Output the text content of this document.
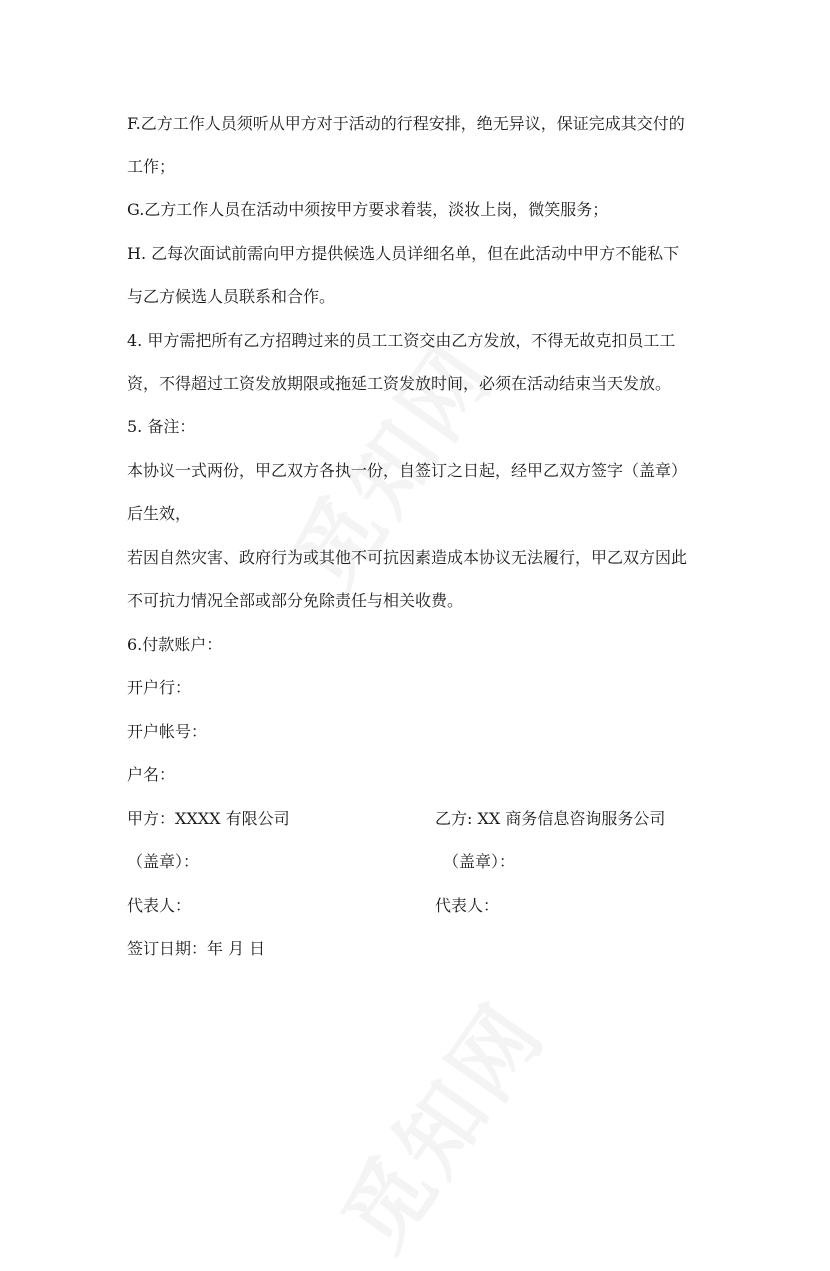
F.乙方工作人员须听从甲方对于活动的行程安排，绝无异议，保证完成其交付的
工作；
G.乙方工作人员在活动中须按甲方要求着装，淡妆上岗，微笑服务；
H. 乙每次面试前需向甲方提供候选人员详细名单，但在此活动中甲方不能私下
与乙方候选人员联系和合作。
4. 甲方需把所有乙方招聘过来的员工工资交由乙方发放，不得无故克扣员工工
资，不得超过工资发放期限或拖延工资发放时间，必须在活动结束当天发放。
5. 备注：
本协议一式两份，甲乙双方各执一份，自签订之日起，经甲乙双方签字（盖章）
后生效，
若因自然灾害、政府行为或其他不可抗因素造成本协议无法履行，甲乙双方因此
不可抗力情况全部或部分免除责任与相关收费。
6.付款账户：
开户行：
开户帐号：
户名：
甲方：XXXX 有限公司	乙方: XX 商务信息咨询服务公司
（盖章）：	（盖章）：
代表人：	代表人：
签订日期：年 月 日
